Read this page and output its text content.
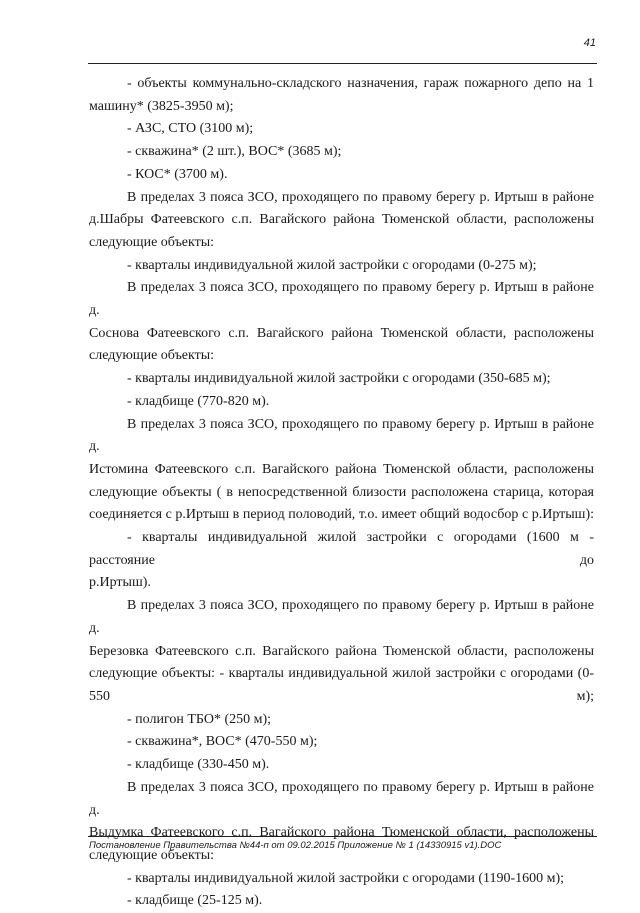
41

- объекты коммунально-складского назначения, гараж пожарного депо на 1

машину* (3825-3950 м);

- АЗС, СТО (3100 м);

- скважина* (2 шт.), ВОС* (3685 м);

- КОС* (3700 м).

В пределах 3 пояса ЗСО, проходящего по правому берегу р. Иртыш в районе

д.Шабры Фатеевского с.п. Вагайского района Тюменской области, расположены

следующие объекты:

- кварталы индивидуальной жилой застройки с огородами (0-275 м);

В пределах 3 пояса ЗСО, проходящего по правому берегу р. Иртыш в районе д.

Соснова Фатеевского с.п. Вагайского района Тюменской области, расположены

следующие объекты:

- кварталы индивидуальной жилой застройки с огородами (350-685 м);

- кладбище (770-820 м).

В пределах 3 пояса ЗСО, проходящего по правому берегу р. Иртыш в районе д.

Истомина Фатеевского с.п. Вагайского района Тюменской области, расположены

следующие объекты ( в непосредственной близости расположена старица, которая

соединяется с р.Иртыш в период половодий, т.о. имеет общий водосбор с р.Иртыш):

- кварталы индивидуальной жилой застройки с огородами (1600 м - расстояние до

р.Иртыш).

В пределах 3 пояса ЗСО, проходящего по правому берегу р. Иртыш в районе д.

Березовка Фатеевского с.п. Вагайского района Тюменской области, расположены

следующие объекты: - кварталы индивидуальной жилой застройки с огородами (0-550 м);

- полигон ТБО* (250 м);

- скважина*, ВОС* (470-550 м);

- кладбище (330-450 м).

В пределах 3 пояса ЗСО, проходящего по правому берегу р. Иртыш в районе д.

Выдумка Фатеевского с.п. Вагайского района Тюменской области, расположены

следующие объекты:

- кварталы индивидуальной жилой застройки с огородами (1190-1600 м);

- кладбище (25-125 м).

Постановление Правительства №44-п от 09.02.2015 Приложение № 1 (14330915 v1).DOC
